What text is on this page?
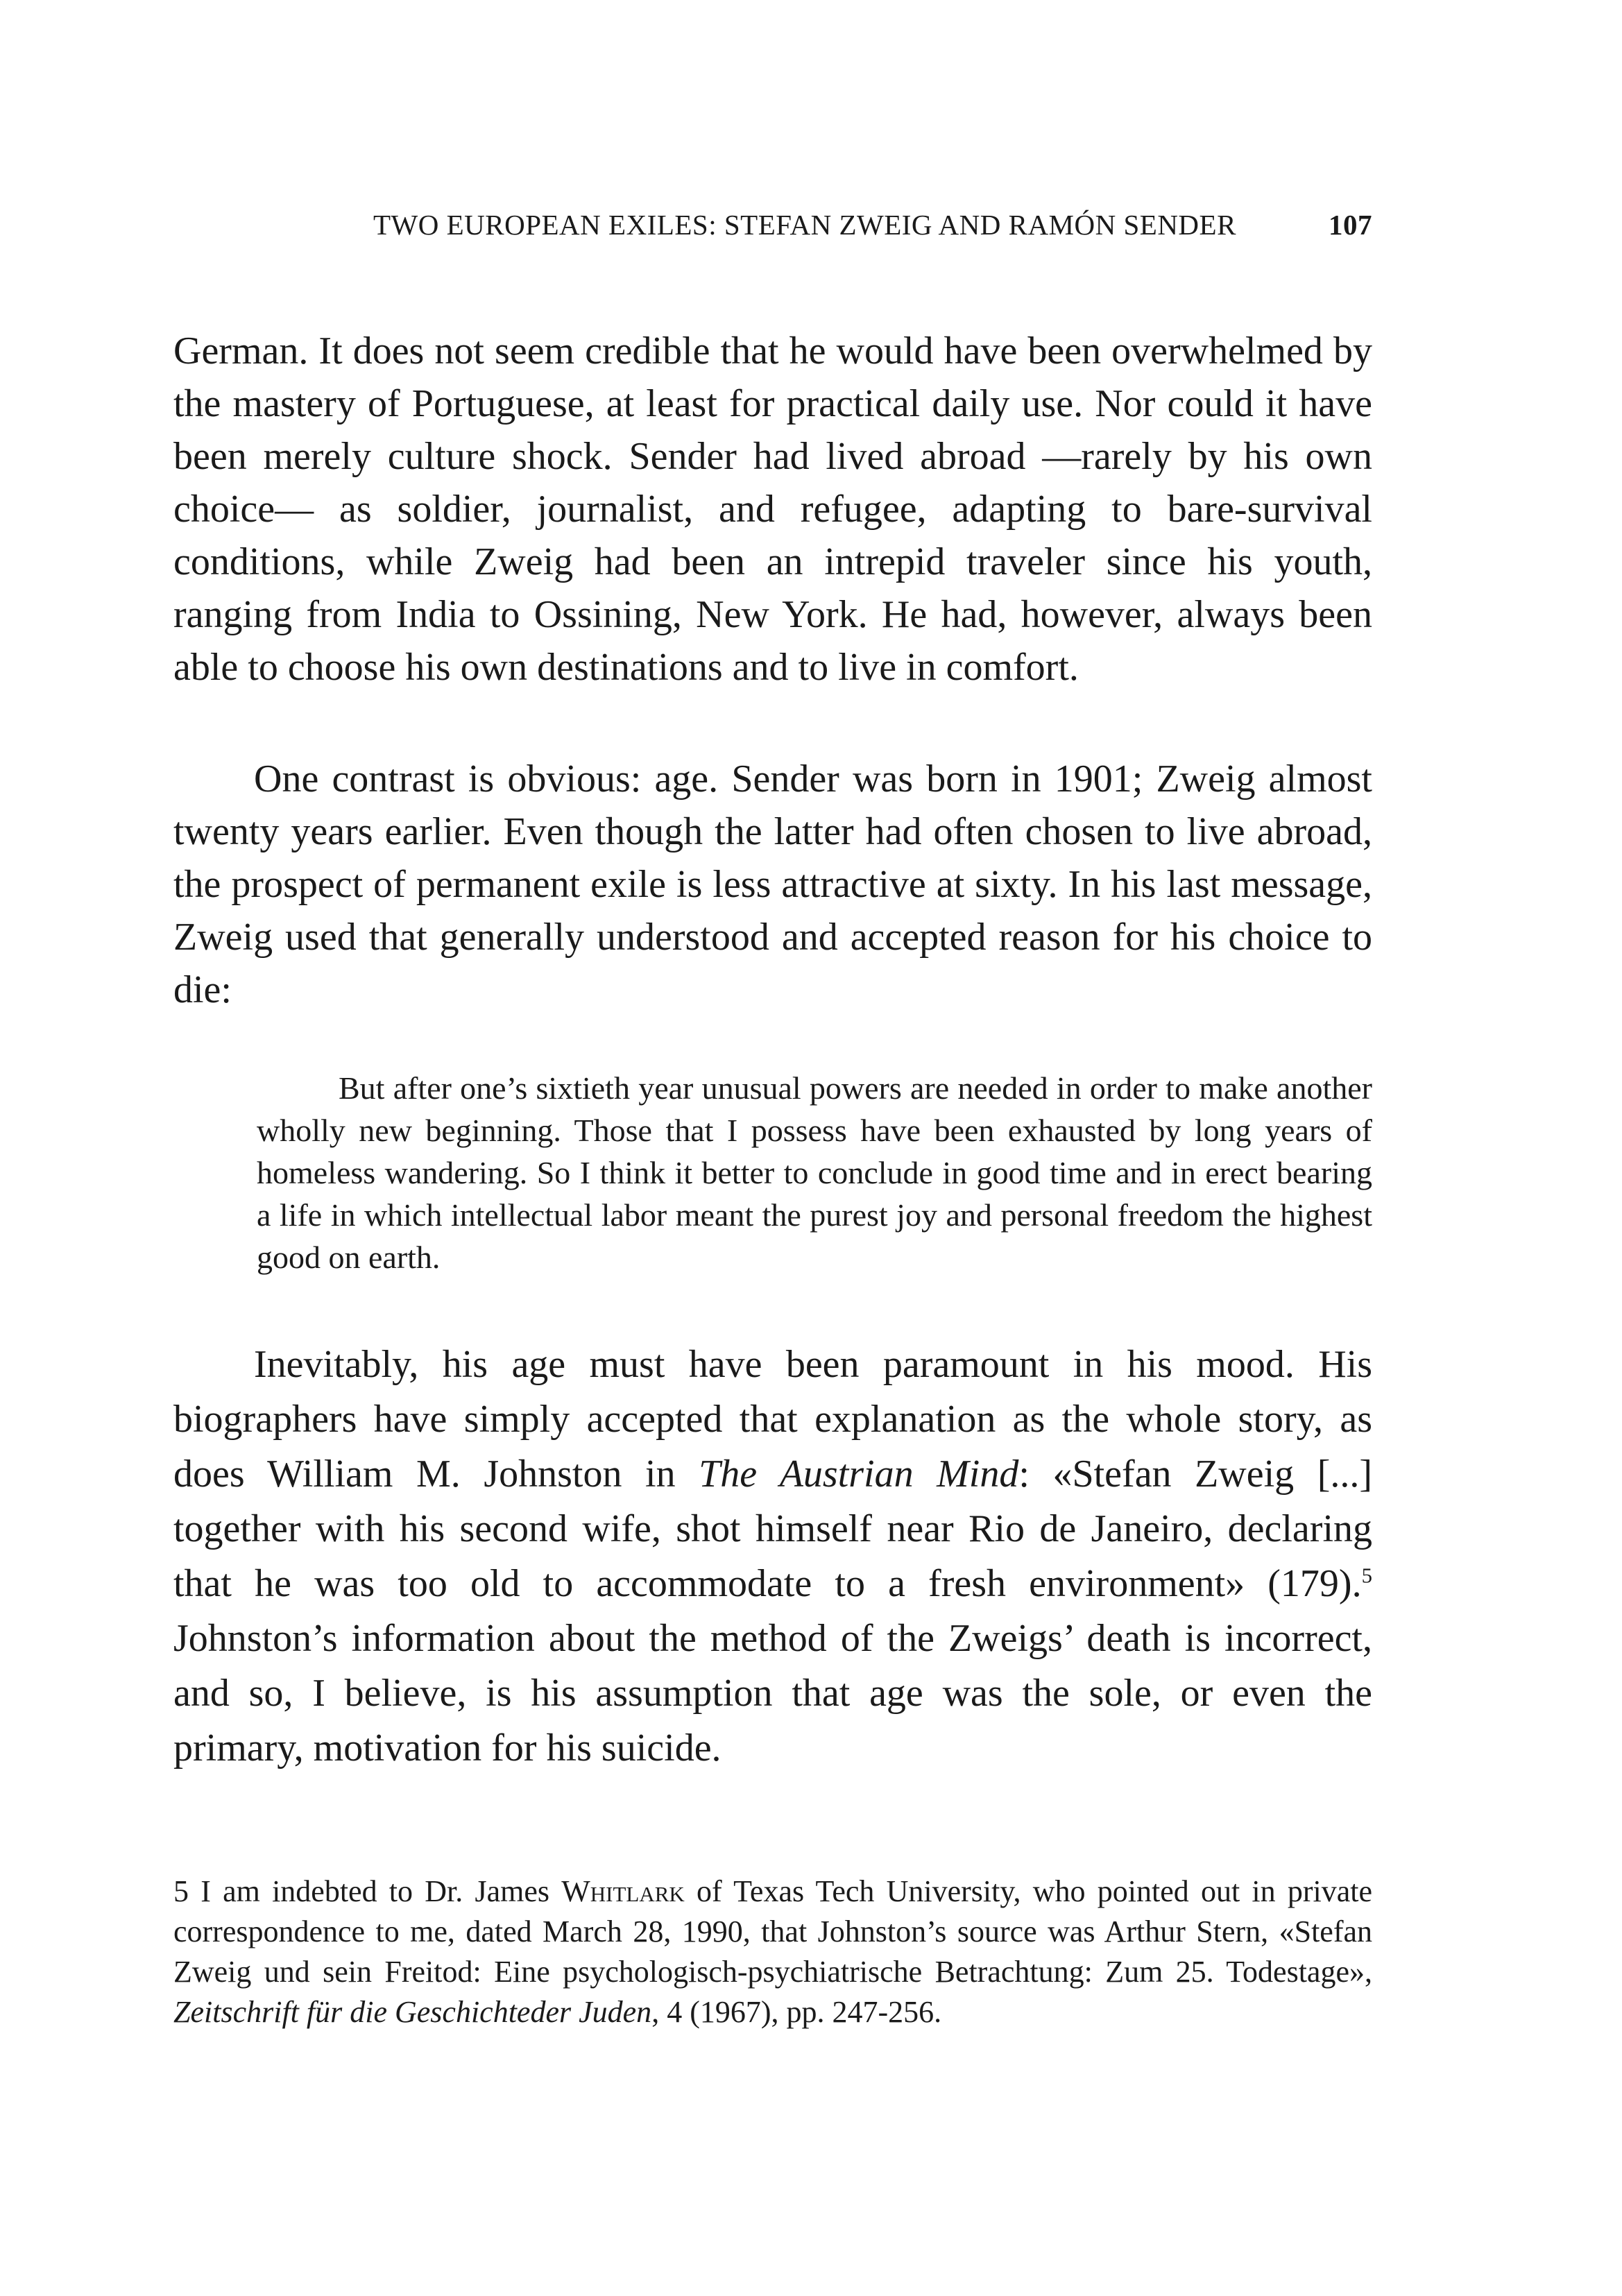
TWO EUROPEAN EXILES: STEFAN ZWEIG AND RAMÓN SENDER	107

German. It does not seem credible that he would have been overwhelmed by the mastery of Portuguese, at least for practical daily use. Nor could it have been merely culture shock. Sender had lived abroad —rarely by his own choice— as soldier, journalist, and refugee, adapting to bare-survival conditions, while Zweig had been an intrepid traveler since his youth, ranging from India to Ossining, New York. He had, however, always been able to choose his own destinations and to live in comfort.

One contrast is obvious: age. Sender was born in 1901; Zweig almost twenty years earlier. Even though the latter had often chosen to live abroad, the prospect of permanent exile is less attractive at sixty. In his last message, Zweig used that generally understood and accepted reason for his choice to die:

But after one’s sixtieth year unusual powers are needed in order to make another wholly new beginning. Those that I possess have been exhausted by long years of homeless wandering. So I think it better to conclude in good time and in erect bearing a life in which intellectual labor meant the purest joy and personal freedom the highest good on earth.

Inevitably, his age must have been paramount in his mood. His biographers have simply accepted that explanation as the whole story, as does William M. Johnston in The Austrian Mind: «Stefan Zweig [...] together with his second wife, shot himself near Rio de Janeiro, declaring that he was too old to accommodate to a fresh environment» (179).$^5$ Johnston’s information about the method of the Zweigs’ death is incorrect, and so, I believe, is his assumption that age was the sole, or even the primary, motivation for his suicide.

5 I am indebted to Dr. James Whitlark of Texas Tech University, who pointed out in private correspondence to me, dated March 28, 1990, that Johnston’s source was Arthur Stern, «Stefan Zweig und sein Freitod: Eine psychologisch-psychiatrische Betrachtung: Zum 25. Todestage», Zeitschrift für die Geschichteder Juden, 4 (1967), pp. 247-256.
